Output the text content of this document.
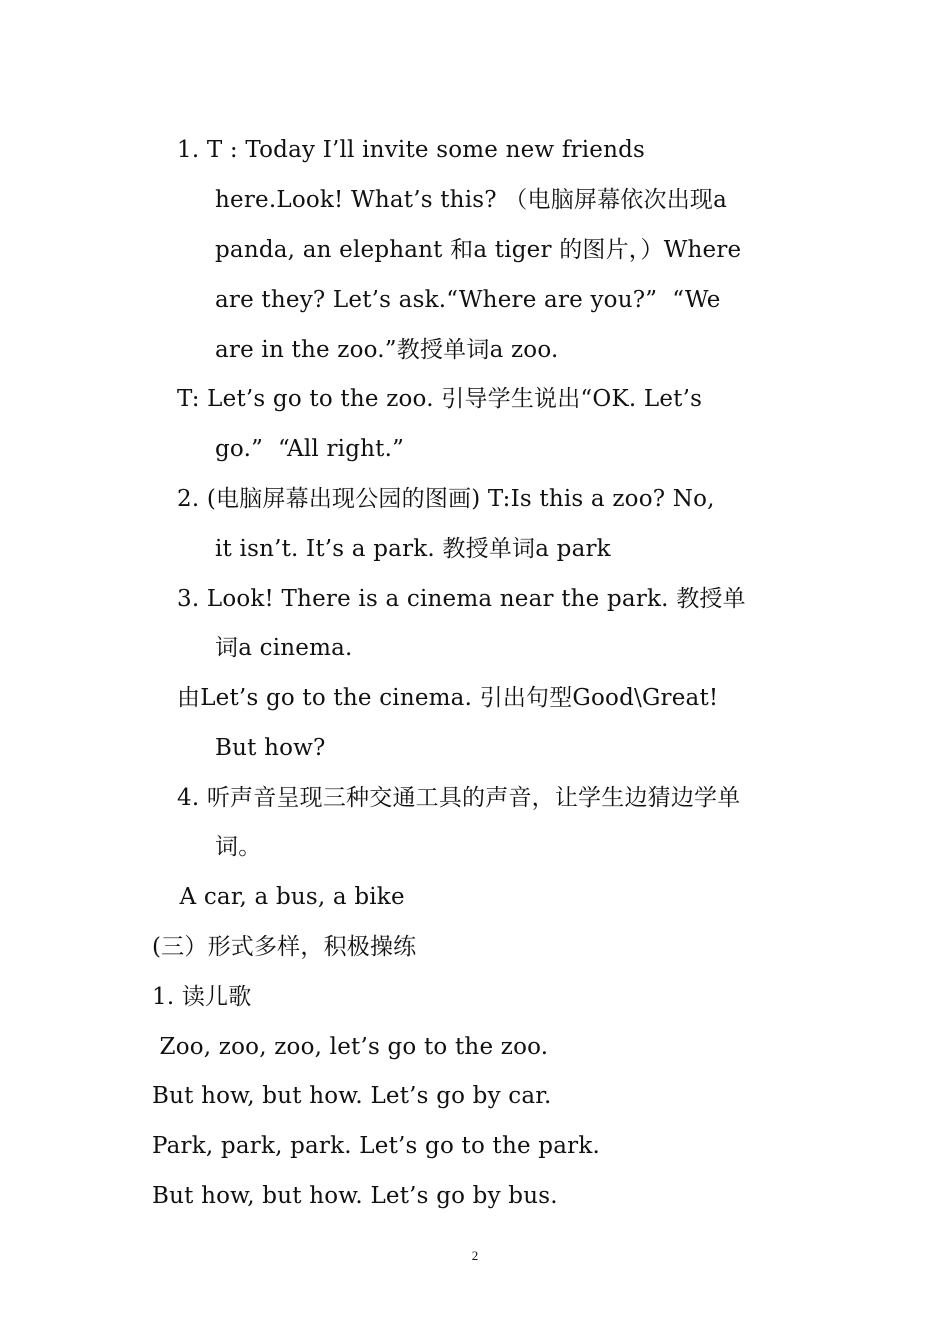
1. T : Today I’ll invite some new friends
here.Look! What’s this? （电脑屏幕依次出现a
panda, an elephant 和a tiger 的图片，）Where
are they? Let’s ask.“Where are you?”  “We
are in the zoo.”教授单词a zoo.
T: Let’s go to the zoo. 引导学生说出“OK. Let’s
go.”  “All right.”
2. (电脑屏幕出现公园的图画) T:Is this a zoo? No,
it isn’t. It’s a park. 教授单词a park
3. Look! There is a cinema near the park. 教授单
词a cinema.
由Let’s go to the cinema. 引出句型Good\Great!
But how?
4. 听声音呈现三种交通工具的声音，让学生边猜边学单
词。
A car, a bus, a bike
(三）形式多样，积极操练
1. 读儿歌
Zoo, zoo, zoo, let’s go to the zoo.
But how, but how. Let’s go by car.
Park, park, park. Let’s go to the park.
But how, but how. Let’s go by bus.
2
